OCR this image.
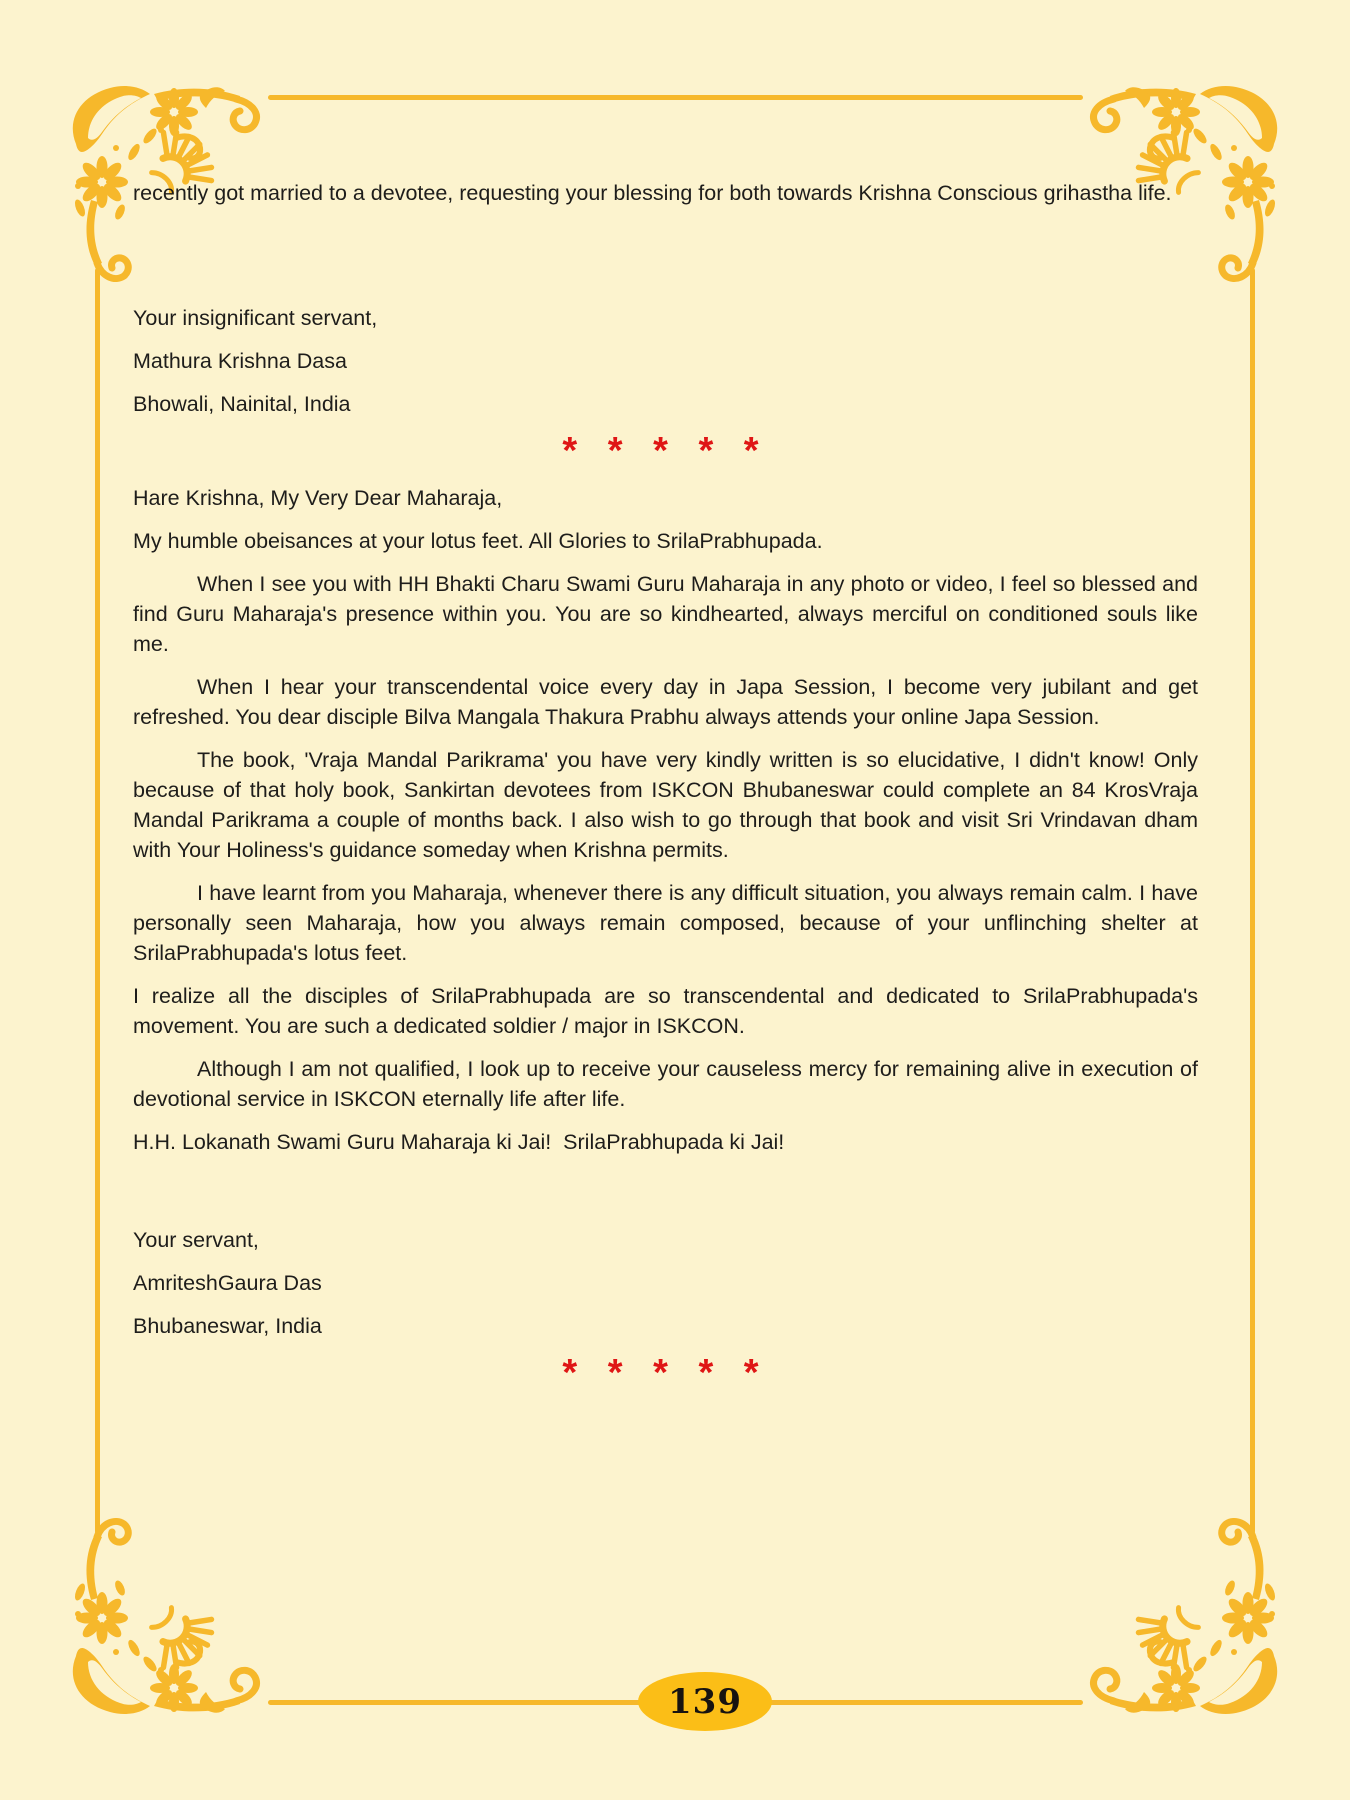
recently got married to a devotee, requesting your blessing for both towards Krishna Conscious grihastha life.

Your insignificant servant,

Mathura Krishna Dasa

Bhowali, Nainital, India

* * * * *

Hare Krishna, My Very Dear Maharaja,

My humble obeisances at your lotus feet. All Glories to SrilaPrabhupada.

When I see you with HH Bhakti Charu Swami Guru Maharaja in any photo or video, I feel so blessed and find Guru Maharaja's presence within you. You are so kindhearted, always merciful on conditioned souls like me.

When I hear your transcendental voice every day in Japa Session, I become very jubilant and get refreshed. You dear disciple Bilva Mangala Thakura Prabhu always attends your online Japa Session.

The book, 'Vraja Mandal Parikrama' you have very kindly written is so elucidative, I didn't know! Only because of that holy book, Sankirtan devotees from ISKCON Bhubaneswar could complete an 84 KrosVraja Mandal Parikrama a couple of months back. I also wish to go through that book and visit Sri Vrindavan dham with Your Holiness's guidance someday when Krishna permits.

I have learnt from you Maharaja, whenever there is any difficult situation, you always remain calm. I have personally seen Maharaja, how you always remain composed, because of your unflinching shelter at SrilaPrabhupada's lotus feet.

I realize all the disciples of SrilaPrabhupada are so transcendental and dedicated to SrilaPrabhupada's movement. You are such a dedicated soldier / major in ISKCON.

Although I am not qualified, I look up to receive your causeless mercy for remaining alive in execution of devotional service in ISKCON eternally life after life.

H.H. Lokanath Swami Guru Maharaja ki Jai!  SrilaPrabhupada ki Jai!

Your servant,

AmriteshGaura Das

Bhubaneswar, India

* * * * *

139
